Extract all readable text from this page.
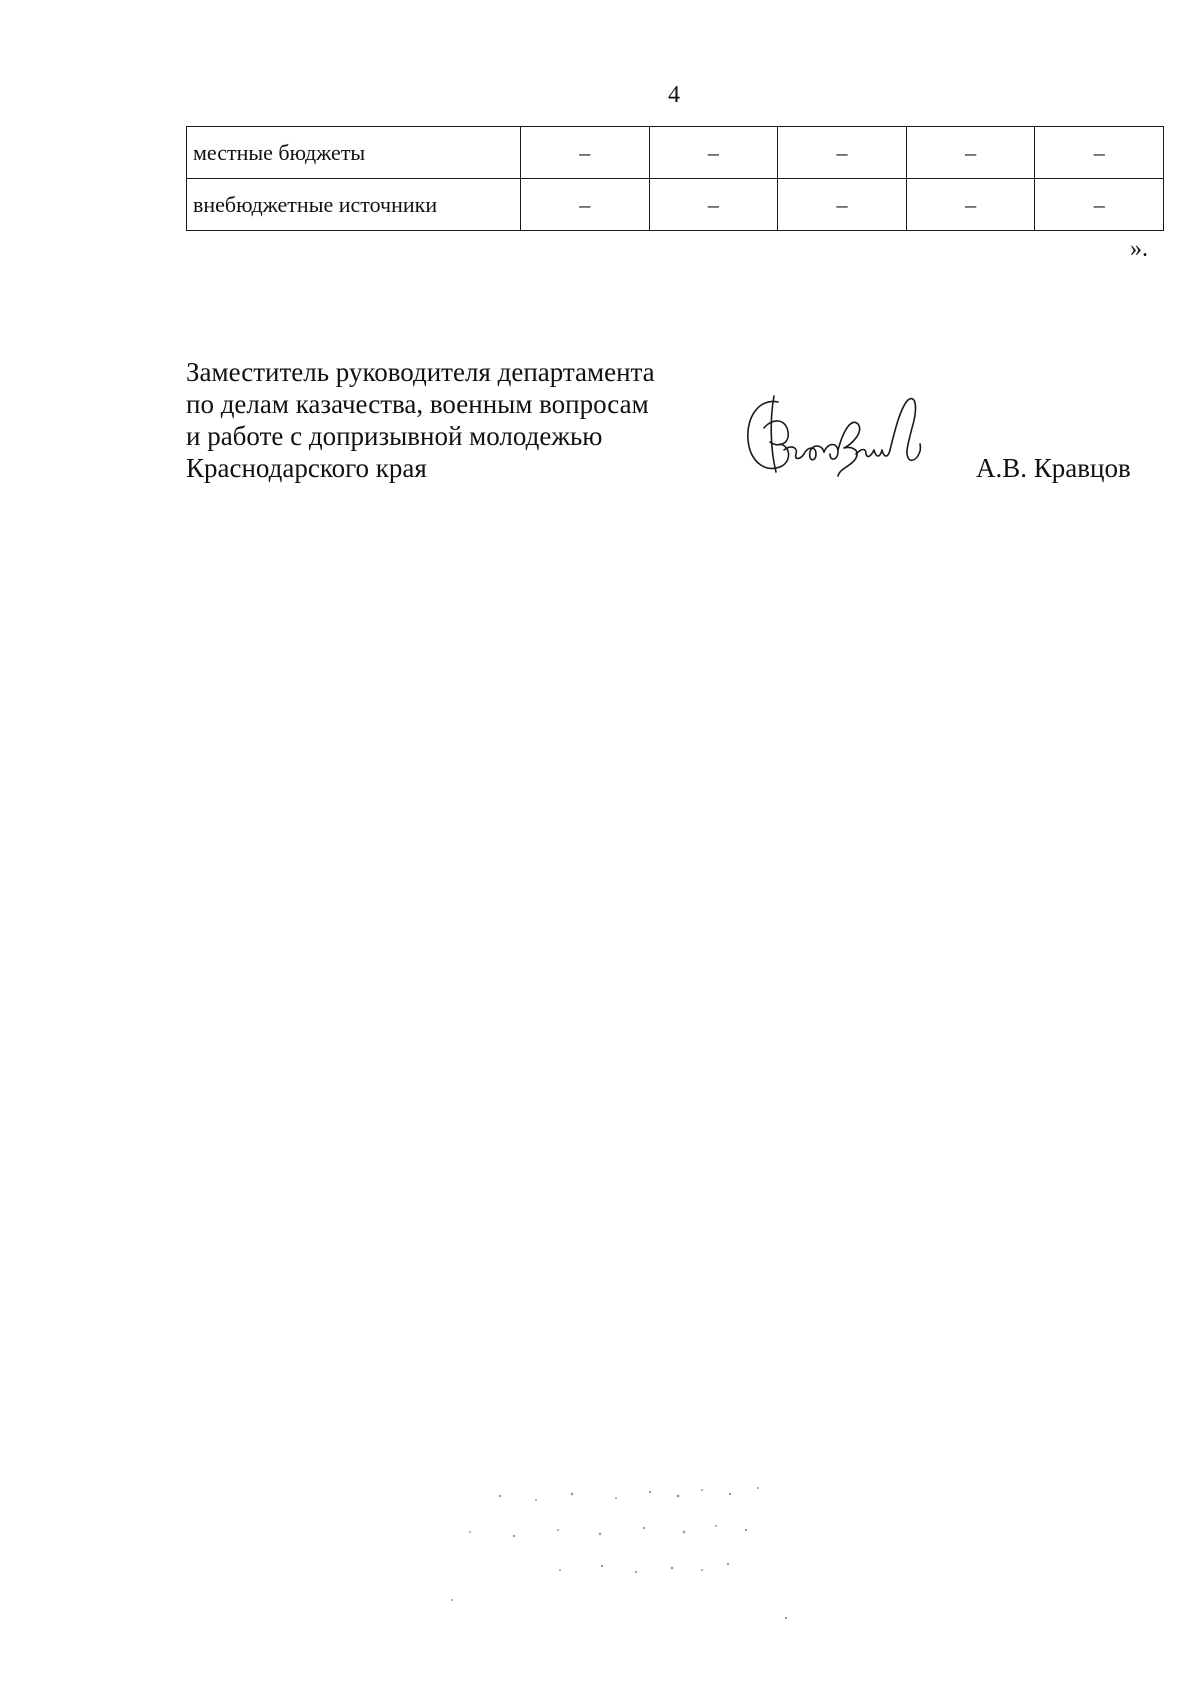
4
местные бюджеты	–	–	–	–	–
внебюджетные источники	–	–	–	–	–
».
Заместитель руководителя департамента
по делам казачества, военным вопросам
и работе с допризывной молодежью
Краснодарского края	А.В. Кравцов
